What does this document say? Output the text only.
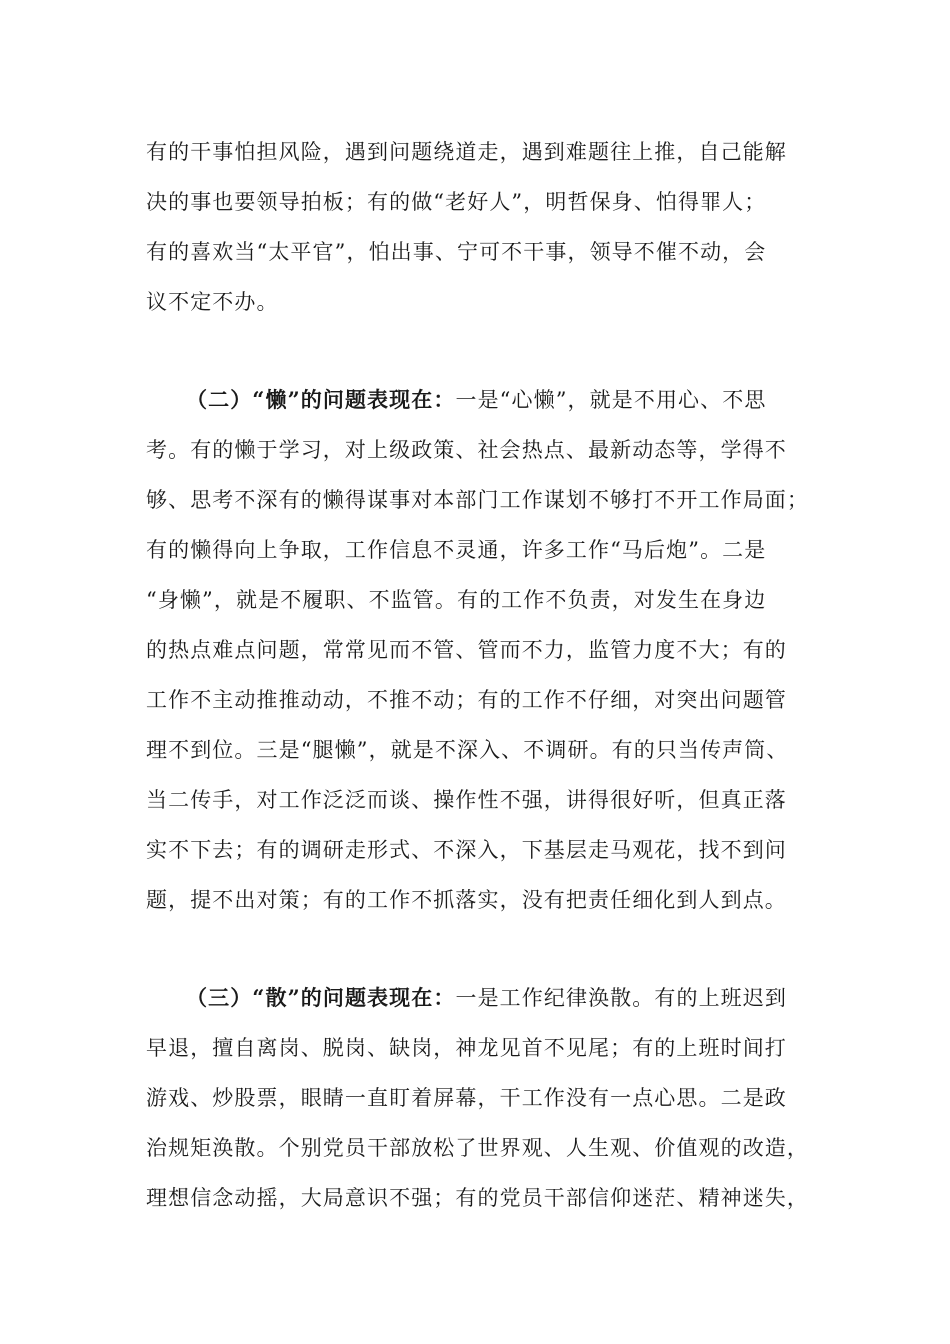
有的干事怕担风险，遇到问题绕道走，遇到难题往上推，自己能解
决的事也要领导拍板；有的做“老好人”，明哲保身、怕得罪人；
有的喜欢当“太平官”，怕出事、宁可不干事，领导不催不动，会
议不定不办。
（二）“懒”的问题表现在：一是“心懒”，就是不用心、不思
考。有的懒于学习，对上级政策、社会热点、最新动态等，学得不
够、思考不深有的懒得谋事对本部门工作谋划不够打不开工作局面；
有的懒得向上争取，工作信息不灵通，许多工作“马后炮”。二是
“身懒”，就是不履职、不监管。有的工作不负责，对发生在身边
的热点难点问题，常常见而不管、管而不力，监管力度不大；有的
工作不主动推推动动，不推不动；有的工作不仔细，对突出问题管
理不到位。三是“腿懒”，就是不深入、不调研。有的只当传声筒、
当二传手，对工作泛泛而谈、操作性不强，讲得很好听，但真正落
实不下去；有的调研走形式、不深入，下基层走马观花，找不到问
题，提不出对策；有的工作不抓落实，没有把责任细化到人到点。
（三）“散”的问题表现在：一是工作纪律涣散。有的上班迟到
早退，擅自离岗、脱岗、缺岗，神龙见首不见尾；有的上班时间打
游戏、炒股票，眼睛一直盯着屏幕，干工作没有一点心思。二是政
治规矩涣散。个别党员干部放松了世界观、人生观、价值观的改造，
理想信念动摇，大局意识不强；有的党员干部信仰迷茫、精神迷失，
